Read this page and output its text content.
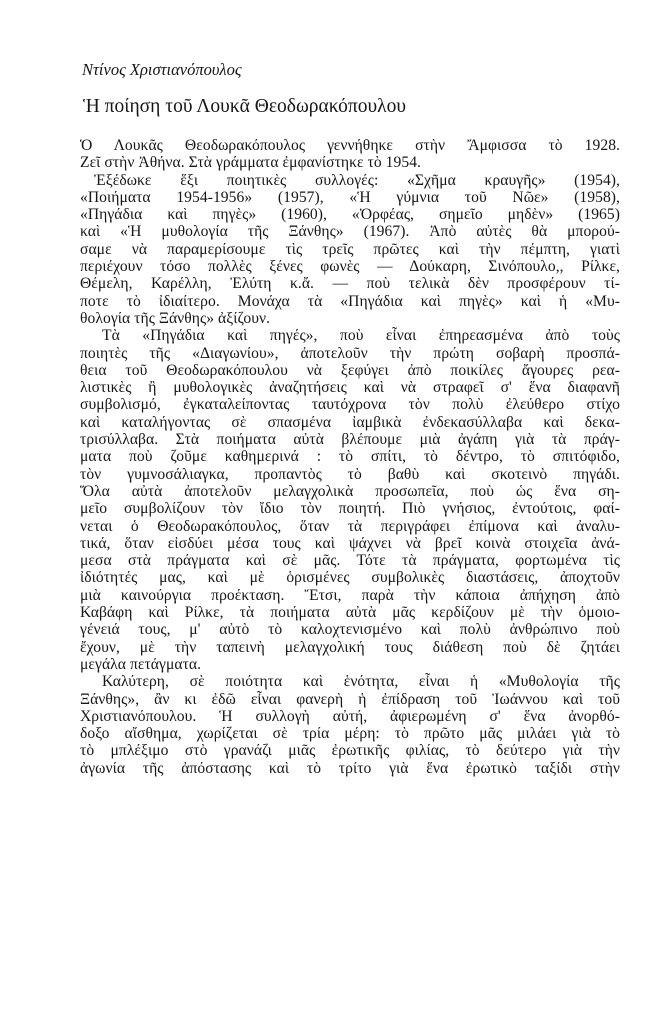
Ντίνος Χριστιανόπουλος
Ἡ ποίηση τοῦ Λουκᾶ Θεοδωρακόπουλου
Ὁ Λουκᾶς Θεοδωρακόπουλος γεννήθηκε στὴν Ἄμφισσα τὸ 1928.
Ζεῖ στὴν Ἀθήνα. Στὰ γράμματα ἐμφανίστηκε τὸ 1954.
Ἐξέδωκε ἕξι ποιητικὲς συλλογές: «Σχῆμα κραυγῆς» (1954),
«Ποιήματα 1954-1956» (1957), «Ἡ γύμνια τοῦ Νῶε» (1958),
«Πηγάδια καὶ πηγὲς» (1960), «Ὀρφέας, σημεῖο μηδὲν» (1965)
καὶ «Ἡ μυθολογία τῆς Ξάνθης» (1967). Ἀπὸ αὐτὲς θὰ μπορού-
σαμε νὰ παραμερίσουμε τὶς τρεῖς πρῶτες καὶ τὴν πέμπτη, γιατὶ
περιέχουν τόσο πολλὲς ξένες φωνὲς — Δούκαρη, Σινόπουλο,, Ρίλκε,
Θέμελη, Καρέλλη, Ἐλύτη κ.ἄ. — ποὺ τελικὰ δὲν προσφέρουν τί-
ποτε τὸ ἰδιαίτερο. Μονάχα τὰ «Πηγάδια καὶ πηγὲς» καὶ ἡ «Μυ-
θολογία τῆς Ξάνθης» ἀξίζουν.
Τὰ «Πηγάδια καὶ πηγές», ποὺ εἶναι ἐπηρεασμένα ἀπὸ τοὺς
ποιητὲς τῆς «Διαγωνίου», ἀποτελοῦν τὴν πρώτη σοβαρὴ προσπά-
θεια τοῦ Θεοδωρακόπουλου νὰ ξεφύγει ἀπὸ ποικίλες ἄγουρες ρεα-
λιστικὲς ἢ μυθολογικὲς ἀναζητήσεις καὶ νὰ στραφεῖ σ' ἕνα διαφανῆ
συμβολισμό, ἐγκαταλείποντας ταυτόχρονα τὸν πολὺ ἐλεύθερο στίχο
καὶ καταλήγοντας σὲ σπασμένα ἰαμβικὰ ἐνδεκασύλλαβα καὶ δεκα-
τρισύλλαβα. Στὰ ποιήματα αὐτὰ βλέπουμε μιὰ ἀγάπη γιὰ τὰ πράγ-
ματα ποὺ ζοῦμε καθημερινά : τὸ σπίτι, τὸ δέντρο, τὸ σπιτόφιδο,
τὸν γυμνοσάλιαγκα, προπαντὸς τὸ βαθὺ καὶ σκοτεινὸ πηγάδι.
Ὅλα αὐτὰ ἀποτελοῦν μελαγχολικὰ προσωπεῖα, ποὺ ὡς ἕνα ση-
μεῖο συμβολίζουν τὸν ἴδιο τὸν ποιητή. Πιὸ γνήσιος, ἐντούτοις, φαί-
νεται ὁ Θεοδωρακόπουλος, ὅταν τὰ περιγράφει ἐπίμονα καὶ ἀναλυ-
τικά, ὅταν εἰσδύει μέσα τους καὶ ψάχνει νὰ βρεῖ κοινὰ στοιχεῖα ἀνά-
μεσα στὰ πράγματα καὶ σὲ μᾶς. Τότε τὰ πράγματα, φορτωμένα τὶς
ἰδιότητές μας, καὶ μὲ ὁρισμένες συμβολικὲς διαστάσεις, ἀποχτοῦν
μιὰ καινούργια προέκταση. Ἔτσι, παρὰ τὴν κάποια ἀπήχηση ἀπὸ
Καβάφη καὶ Ρίλκε, τὰ ποιήματα αὐτὰ μᾶς κερδίζουν μὲ τὴν ὁμοιο-
γένειά τους, μ' αὐτὸ τὸ καλοχτενισμένο καὶ πολὺ ἀνθρώπινο ποὺ
ἔχουν, μὲ τὴν ταπεινὴ μελαγχολική τους διάθεση ποὺ δὲ ζητάει
μεγάλα πετάγματα.
Καλύτερη, σὲ ποιότητα καὶ ἑνότητα, εἶναι ἡ «Μυθολογία τῆς
Ξάνθης», ἂν κι ἐδῶ εἶναι φανερὴ ἡ ἐπίδραση τοῦ Ἰωάννου καὶ τοῦ
Χριστιανόπουλου. Ἡ συλλογὴ αὐτή, ἀφιερωμένη σ' ἕνα ἀνορθό-
δοξο αἴσθημα, χωρίζεται σὲ τρία μέρη: τὸ πρῶτο μᾶς μιλάει γιὰ τὸ
τὸ μπλέξιμο στὸ γρανάζι μιᾶς ἐρωτικῆς φιλίας, τὸ δεύτερο γιὰ τὴν
ἀγωνία τῆς ἀπόστασης καὶ τὸ τρίτο γιὰ ἕνα ἐρωτικὸ ταξίδι στὴν
